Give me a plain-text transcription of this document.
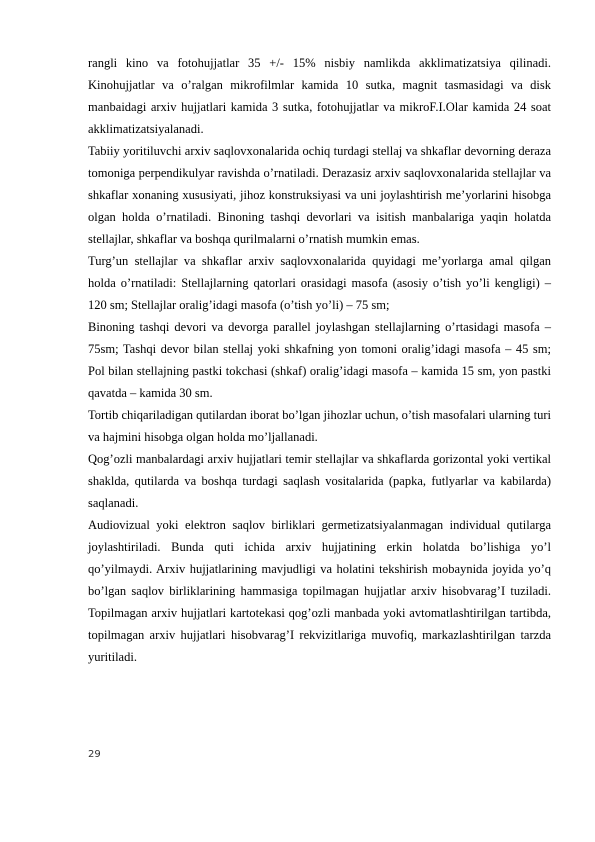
rangli kino va fotohujjatlar 35 +/- 15% nisbiy namlikda akklimatizatsiya qilinadi. Kinohujjatlar va o’ralgan mikrofilmlar kamida 10 sutka, magnit tasmasidagi va disk manbaidagi arxiv hujjatlari kamida 3 sutka, fotohujjatlar va mikroF.I.Olar kamida 24 soat akklimatizatsiyalanadi.

Tabiiy yoritiluvchi arxiv saqlovxonalarida ochiq turdagi stellaj va shkaflar devorning deraza tomoniga perpendikulyar ravishda o’rnatiladi. Derazasiz arxiv saqlovxonalarida stellajlar va shkaflar xonaning xususiyati, jihoz konstruksiyasi va uni joylashtirish me’yorlarini hisobga olgan holda o’rnatiladi. Binoning tashqi devorlari va isitish manbalariga yaqin holatda stellajlar, shkaflar va boshqa qurilmalarni o’rnatish mumkin emas.

Turg’un stellajlar va shkaflar arxiv saqlovxonalarida quyidagi me’yorlarga amal qilgan holda o’rnatiladi: Stellajlarning qatorlari orasidagi masofa (asosiy o’tish yo’li kengligi) – 120 sm; Stellajlar oralig’idagi masofa (o’tish yo’li) – 75 sm;

Binoning tashqi devori va devorga parallel joylashgan stellajlarning o’rtasidagi masofa – 75sm; Tashqi devor bilan stellaj yoki shkafning yon tomoni oralig’idagi masofa – 45 sm; Pol bilan stellajning pastki tokchasi (shkaf) oralig’idagi masofa – kamida 15 sm, yon pastki qavatda – kamida 30 sm.

Tortib chiqariladigan qutilardan iborat bo’lgan jihozlar uchun, o’tish masofalari ularning turi va hajmini hisobga olgan holda mo’ljallanadi.

Qog’ozli manbalardagi arxiv hujjatlari temir stellajlar va shkaflarda gorizontal yoki vertikal shaklda, qutilarda va boshqa turdagi saqlash vositalarida (papka, futlyarlar va kabilarda) saqlanadi.

Audiovizual yoki elektron saqlov birliklari germetizatsiyalanmagan individual qutilarga joylashtiriladi. Bunda quti ichida arxiv hujjatining erkin holatda bo’lishiga yo’l qo’yilmaydi. Arxiv hujjatlarining mavjudligi va holatini tekshirish mobaynida joyida yo’q bo’lgan saqlov birliklarining hammasiga topilmagan hujjatlar arxiv hisobvarag’I tuziladi. Topilmagan arxiv hujjatlari kartotekasi qog’ozli manbada yoki avtomatlashtirilgan tartibda, topilmagan arxiv hujjatlari hisobvarag’I rekvizitlariga muvofiq, markazlashtirilgan tarzda yuritiladi.

29
